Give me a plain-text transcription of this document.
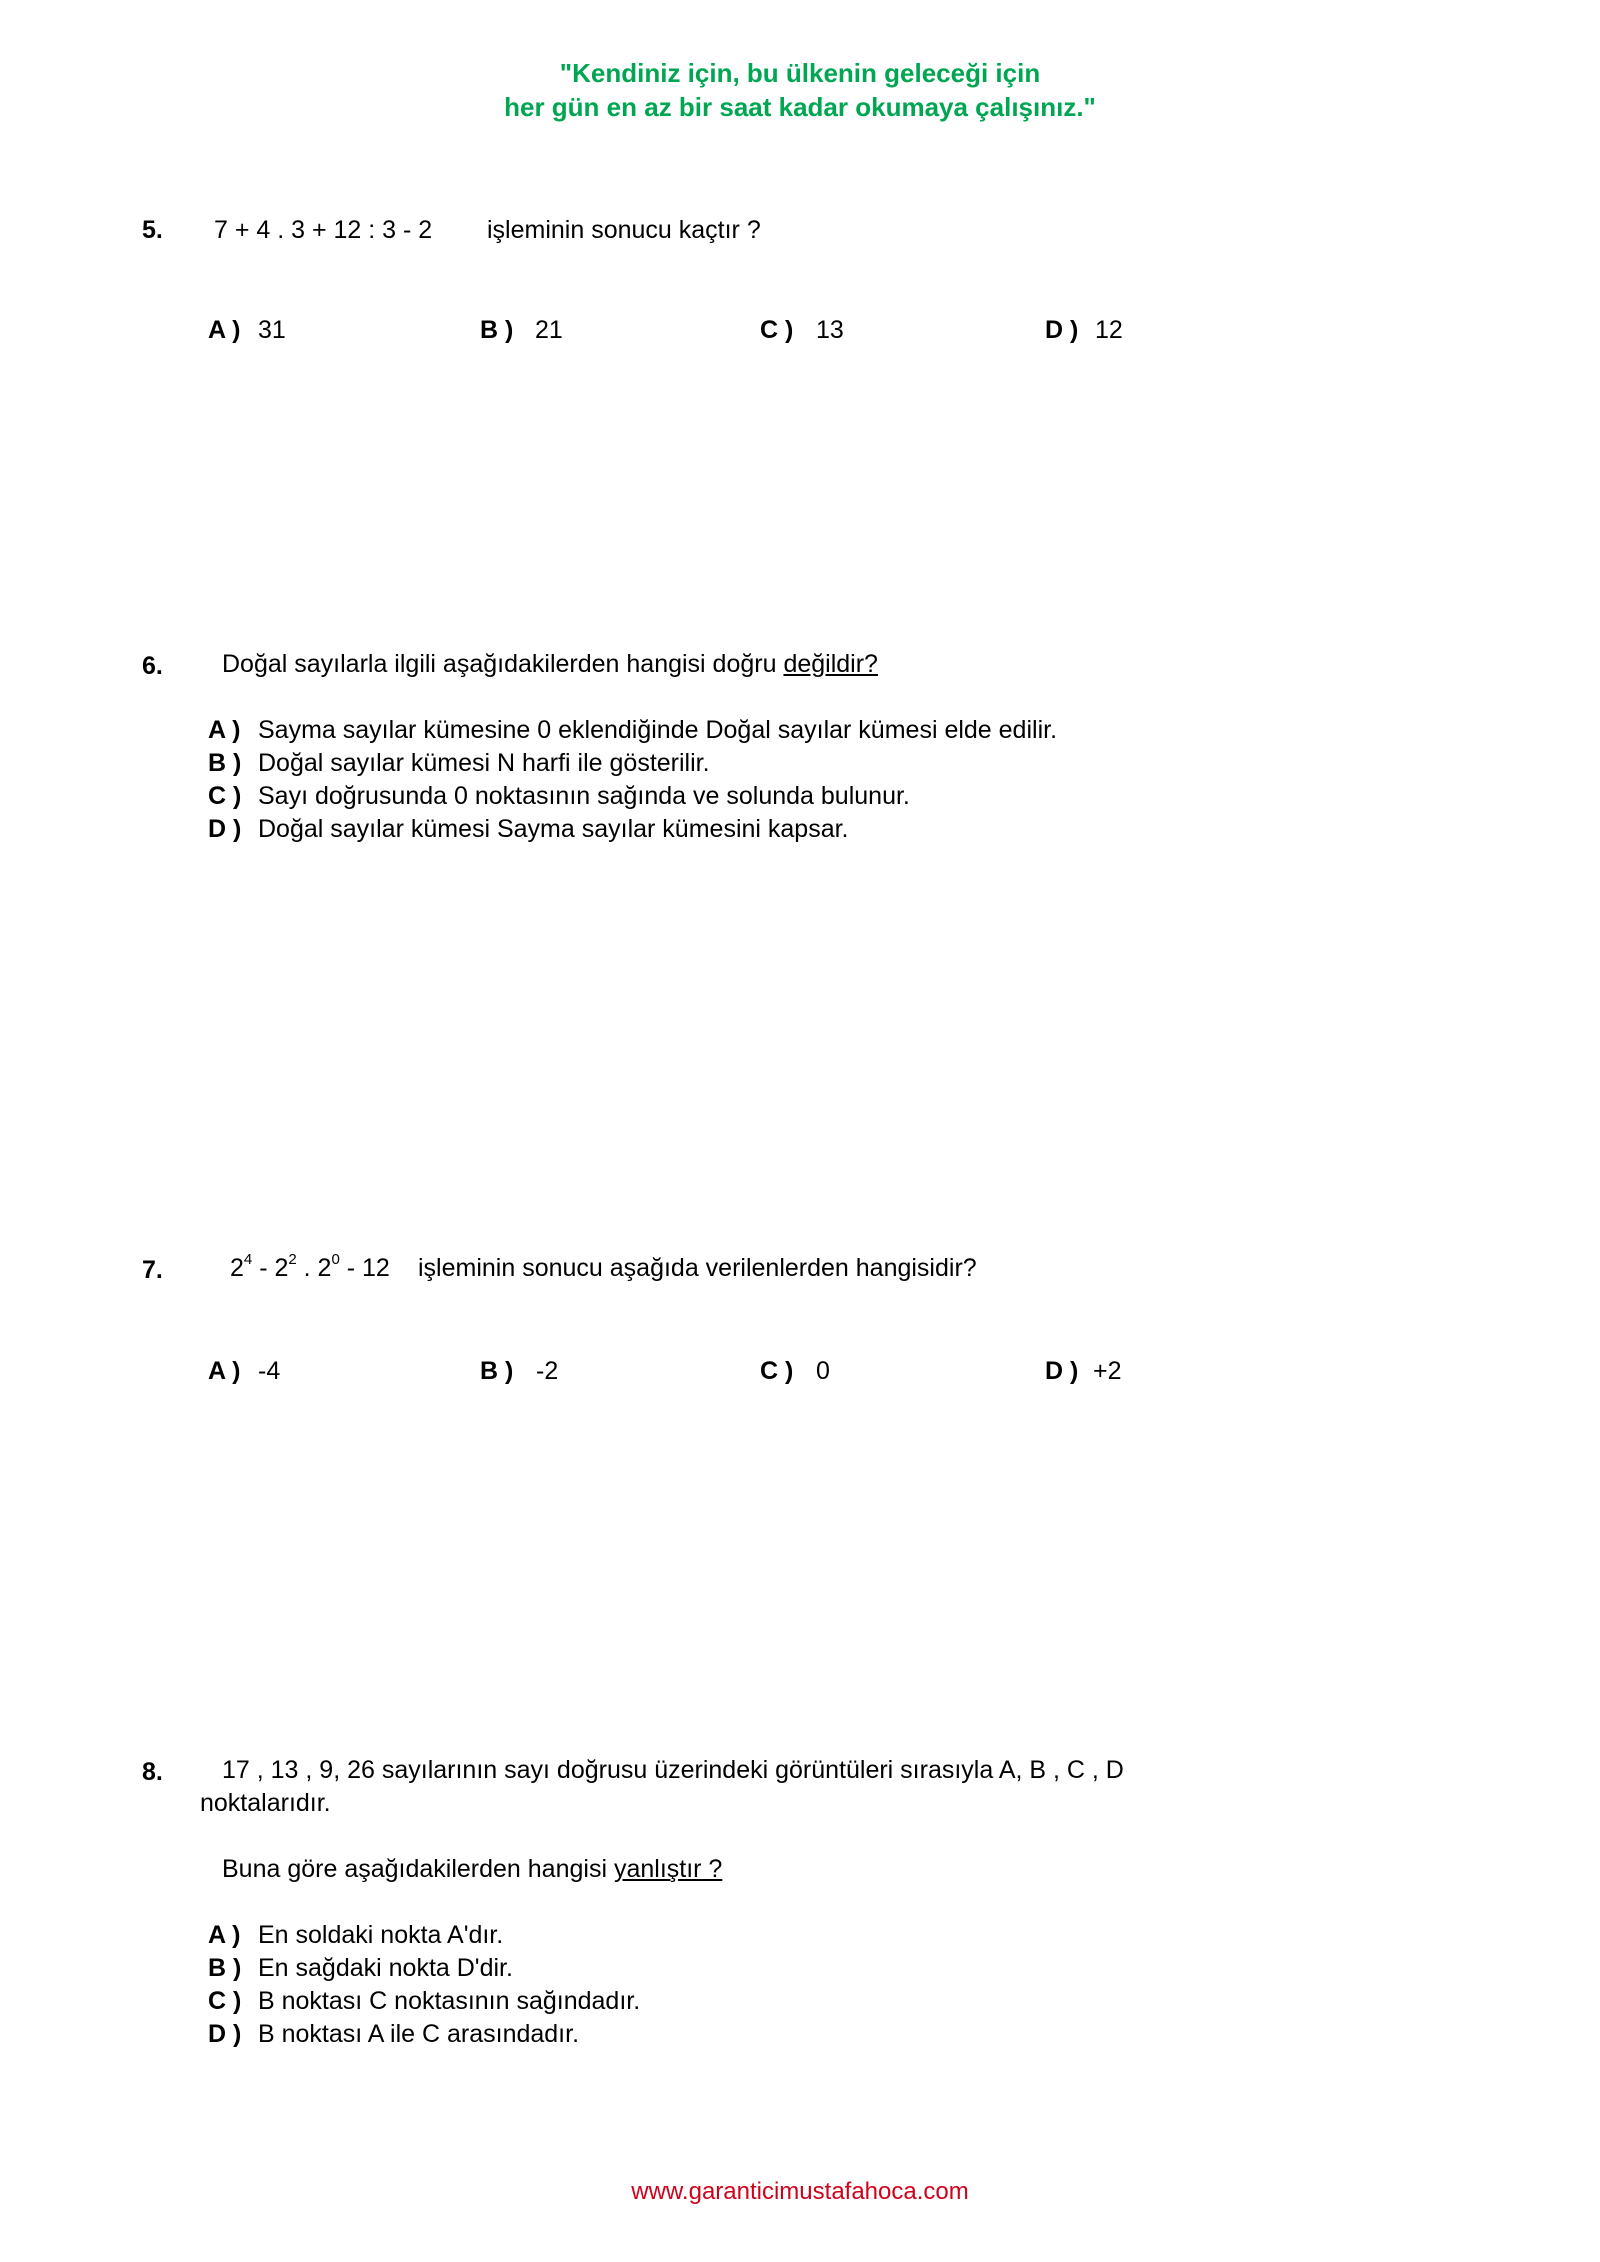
"Kendiniz için, bu ülkenin geleceği için
her gün en az bir saat kadar okumaya çalışınız."
5. 7 + 4 . 3 + 12 : 3 - 2 işleminin sonucu kaçtır ?
A ) 31	B ) 21	C ) 13	D ) 12
6. Doğal sayılarla ilgili aşağıdakilerden hangisi doğru değildir?
A ) Sayma sayılar kümesine 0 eklendiğinde Doğal sayılar kümesi elde edilir.
B ) Doğal sayılar kümesi N harfi ile gösterilir.
C ) Sayı doğrusunda 0 noktasının sağında ve solunda bulunur.
D ) Doğal sayılar kümesi Sayma sayılar kümesini kapsar.
7.	$2^4 - 2^2$ . $2^0 - 12$ işleminin sonucu aşağıda verilenlerden hangisidir?
A ) -4	B ) -2	C ) 0	D ) +2
8. 17 , 13 , 9, 26 sayılarının sayı doğrusu üzerindeki görüntüleri sırasıyla A, B , C , D
noktalarıdır.
Buna göre aşağıdakilerden hangisi yanlıştır ?
A ) En soldaki nokta A'dır.
B ) En sağdaki nokta D'dir.
C ) B noktası C noktasının sağındadır.
D ) B noktası A ile C arasındadır.
www.garanticimustafahoca.com
